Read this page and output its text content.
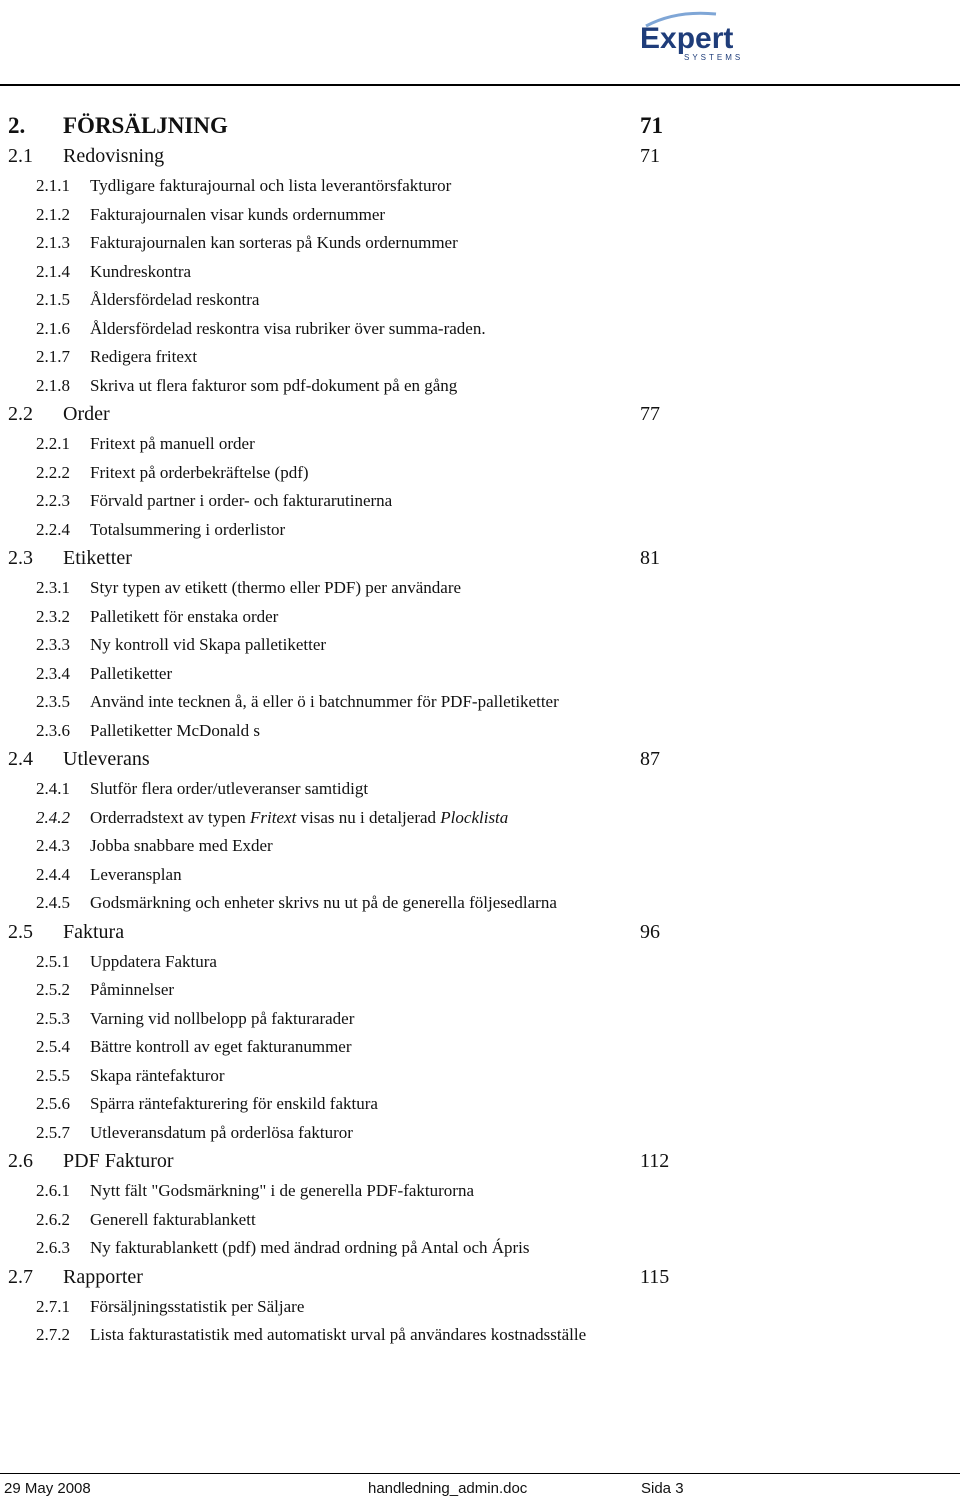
Expert
SYSTEMS
2. FÖRSÄLJNING	71
2.1 Redovisning	71
2.1.1 Tydligare fakturajournal och lista leverantörsfakturor
2.1.2 Fakturajournalen visar kunds ordernummer
2.1.3 Fakturajournalen kan sorteras på Kunds ordernummer
2.1.4 Kundreskontra
2.1.5 Åldersfördelad reskontra
2.1.6 Åldersfördelad reskontra visa rubriker över summa-raden.
2.1.7 Redigera fritext
2.1.8 Skriva ut flera fakturor som pdf-dokument på en gång
2.2 Order	77
2.2.1 Fritext på manuell order
2.2.2 Fritext på orderbekräftelse (pdf)
2.2.3 Förvald partner i order- och fakturarutinerna
2.2.4 Totalsummering i orderlistor
2.3 Etiketter	81
2.3.1 Styr typen av etikett (thermo eller PDF) per användare
2.3.2 Palletikett för enstaka order
2.3.3 Ny kontroll vid Skapa palletiketter
2.3.4 Palletiketter
2.3.5 Använd inte tecknen å, ä eller ö i batchnummer för PDF-palletiketter
2.3.6 Palletiketter McDonald s
2.4 Utleverans	87
2.4.1 Slutför flera order/utleveranser samtidigt
2.4.2 Orderradstext av typen Fritext visas nu i detaljerad Plocklista
2.4.3 Jobba snabbare med Exder
2.4.4 Leveransplan
2.4.5 Godsmärkning och enheter skrivs nu ut på de generella följesedlarna
2.5 Faktura	96
2.5.1 Uppdatera Faktura
2.5.2 Påminnelser
2.5.3 Varning vid nollbelopp på fakturarader
2.5.4 Bättre kontroll av eget fakturanummer
2.5.5 Skapa räntefakturor
2.5.6 Spärra räntefakturering för enskild faktura
2.5.7 Utleveransdatum på orderlösa fakturor
2.6 PDF Fakturor	112
2.6.1 Nytt fält "Godsmärkning" i de generella PDF-fakturorna
2.6.2 Generell fakturablankett
2.6.3 Ny fakturablankett (pdf) med ändrad ordning på Antal och Ápris
2.7 Rapporter	115
2.7.1 Försäljningsstatistik per Säljare
2.7.2 Lista fakturastatistik med automatiskt urval på användares kostnadsställe
29 May 2008	handledning_admin.doc	Sida 3
